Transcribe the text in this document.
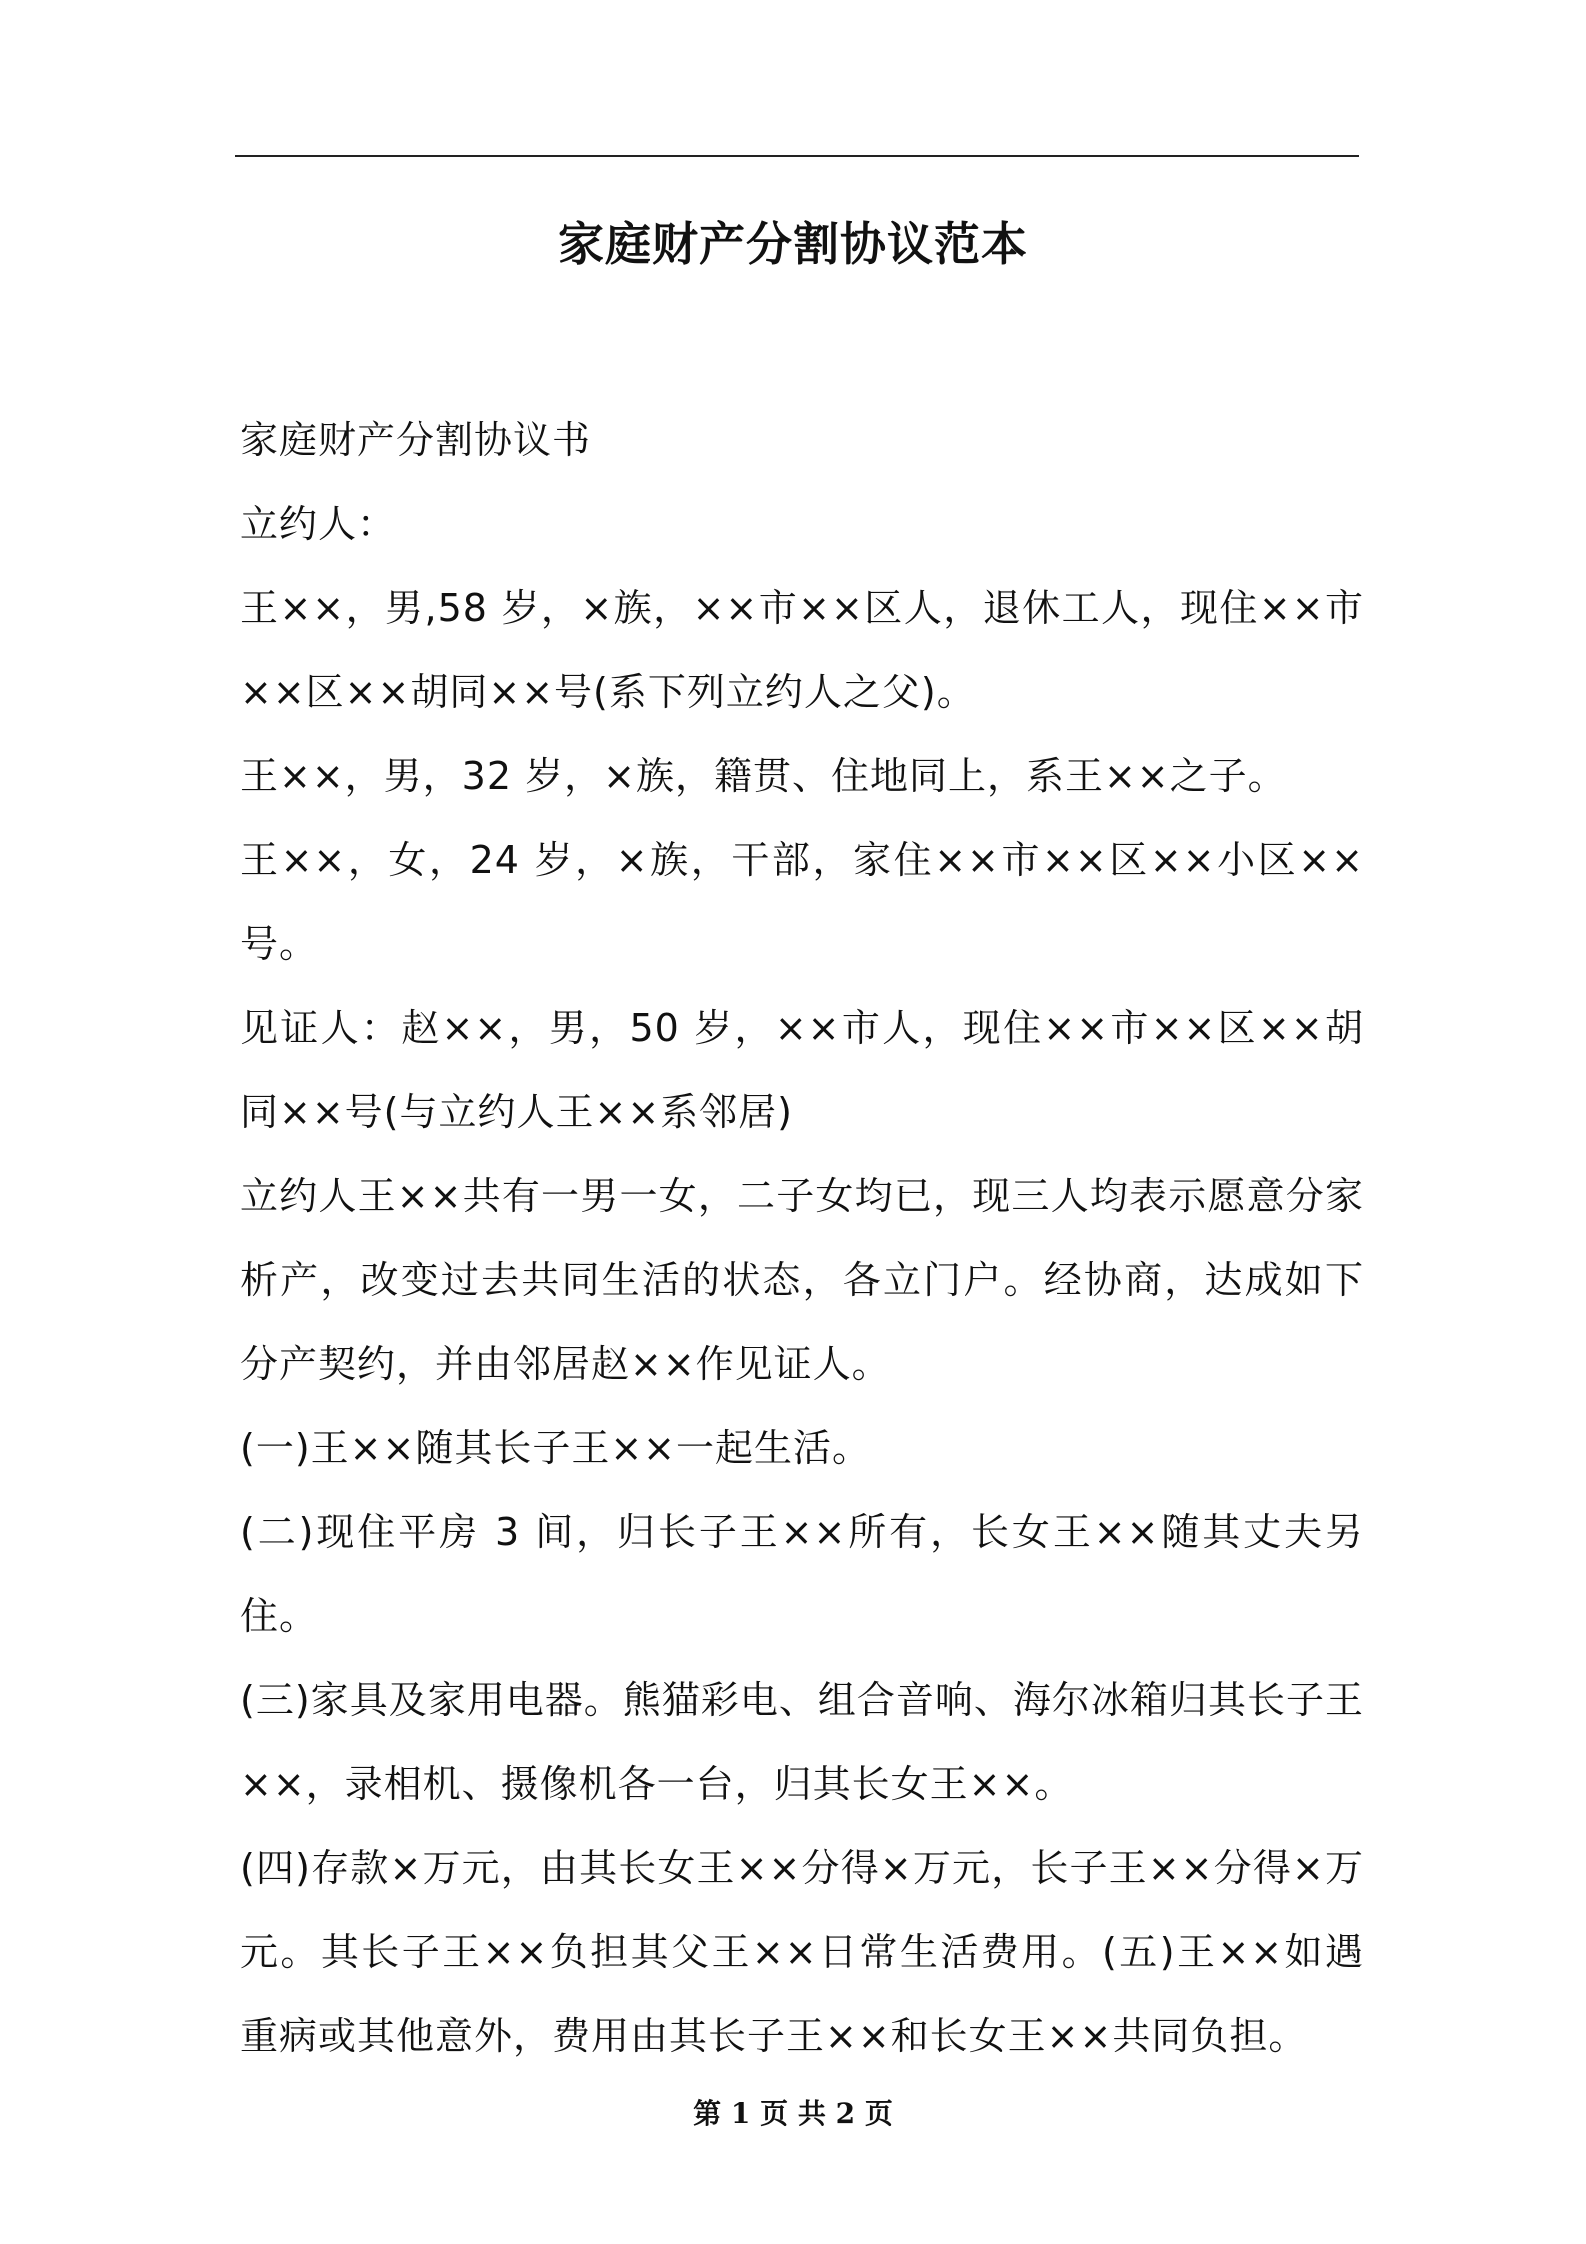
家庭财产分割协议范本

家庭财产分割协议书

立约人：

王××，男,58 岁，×族，××市××区人，退休工人，现住××市××区××胡同××号(系下列立约人之父)。

王××，男，32 岁，×族，籍贯、住地同上，系王××之子。

王××，女，24 岁，×族，干部，家住××市××区××小区××号。

见证人：赵××，男，50 岁，××市人，现住××市××区××胡同××号(与立约人王××系邻居)

立约人王××共有一男一女，二子女均已，现三人均表示愿意分家析产，改变过去共同生活的状态，各立门户。经协商，达成如下分产契约，并由邻居赵××作见证人。

(一)王××随其长子王××一起生活。

(二)现住平房 3 间，归长子王××所有，长女王××随其丈夫另住。

(三)家具及家用电器。熊猫彩电、组合音响、海尔冰箱归其长子王××，录相机、摄像机各一台，归其长女王××。

(四)存款×万元，由其长女王××分得×万元，长子王××分得×万元。其长子王××负担其父王××日常生活费用。(五)王××如遇重病或其他意外，费用由其长子王××和长女王××共同负担。

第 1 页 共 2 页
